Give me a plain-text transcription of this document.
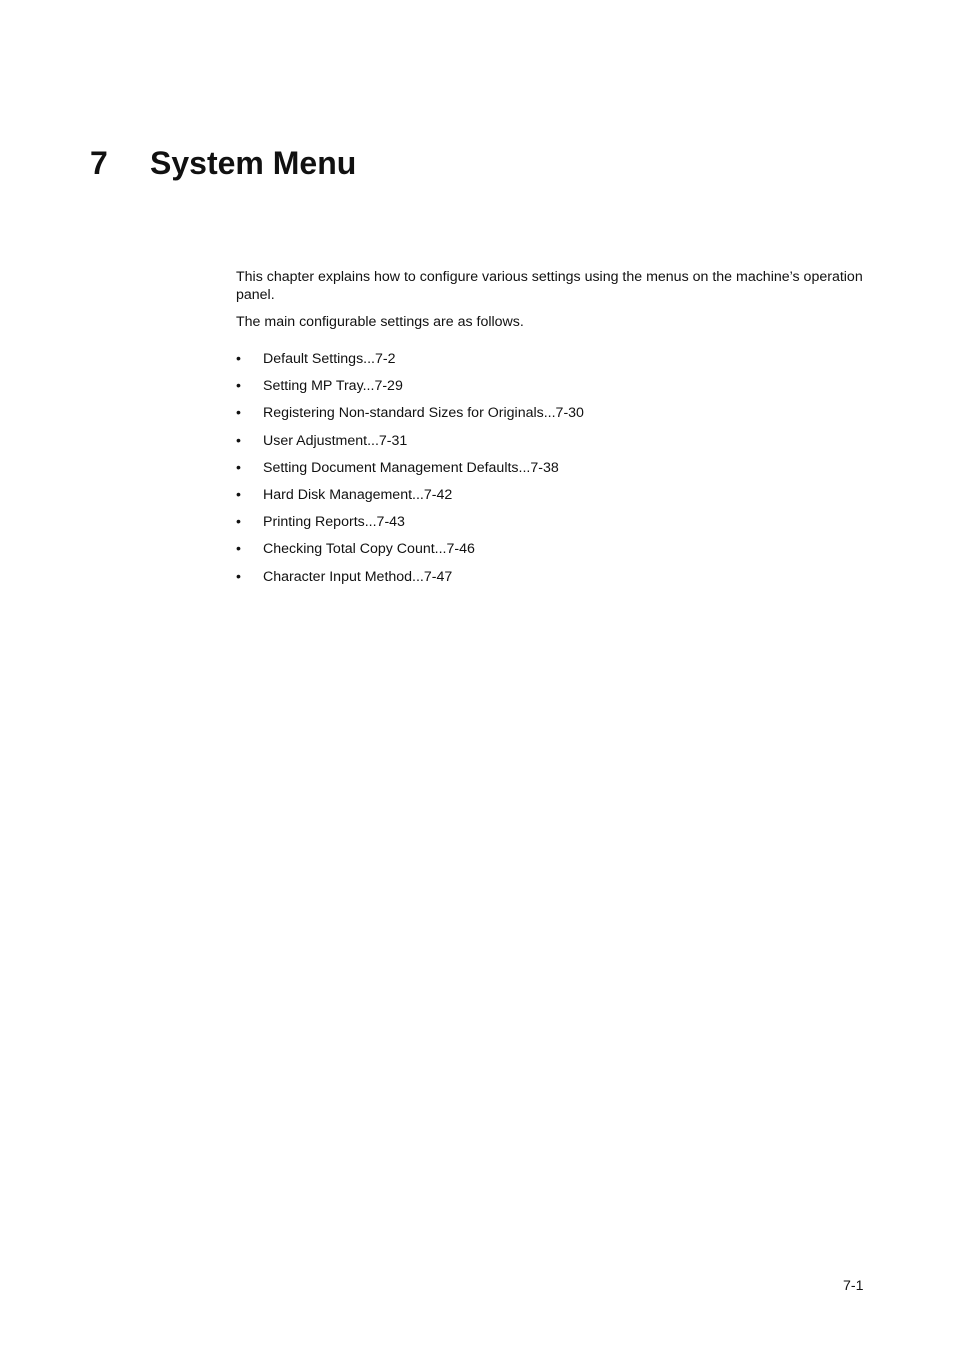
7 System Menu

This chapter explains how to configure various settings using the menus on the machine’s operation panel.

The main configurable settings are as follows.

• Default Settings...7-2
• Setting MP Tray...7-29
• Registering Non-standard Sizes for Originals...7-30
• User Adjustment...7-31
• Setting Document Management Defaults...7-38
• Hard Disk Management...7-42
• Printing Reports...7-43
• Checking Total Copy Count...7-46
• Character Input Method...7-47
7-1
